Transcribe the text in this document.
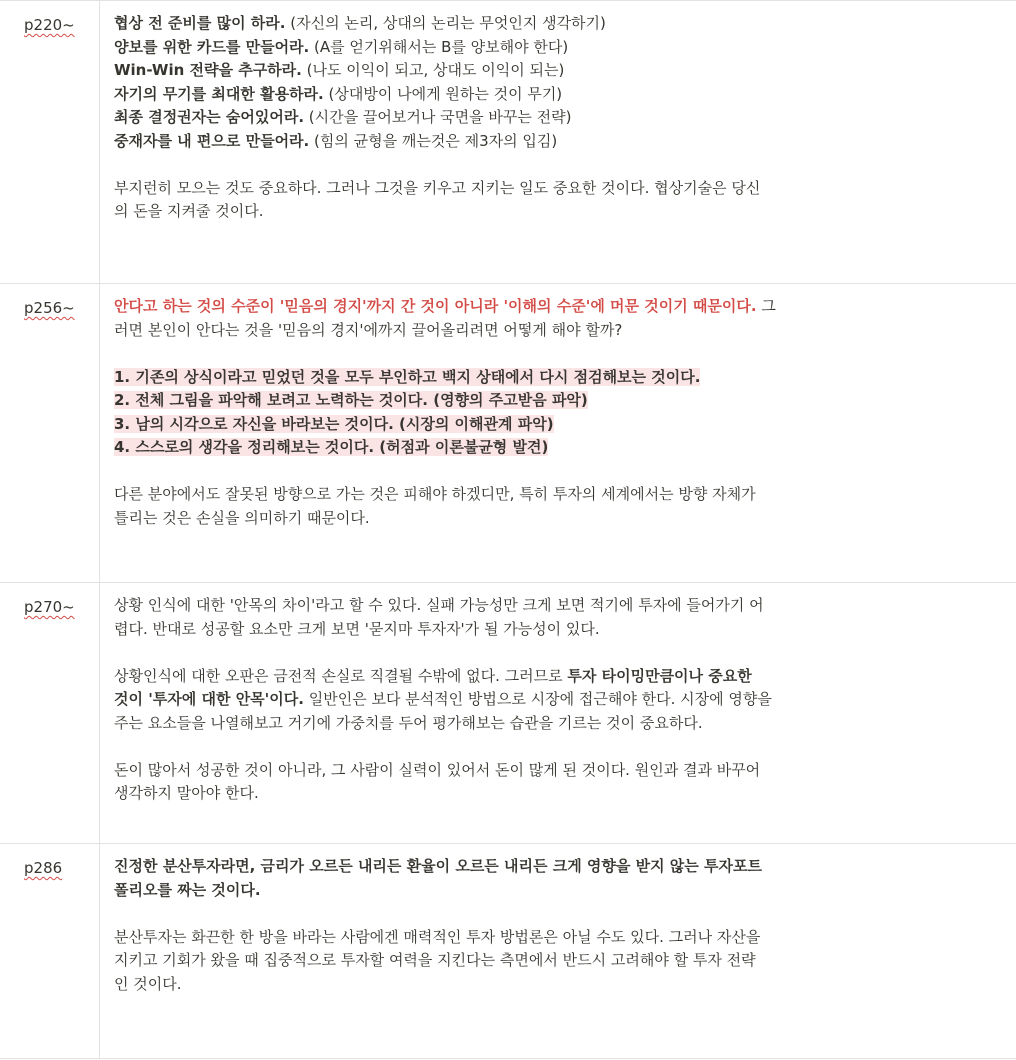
p220~	협상 전 준비를 많이 하라. (자신의 논리, 상대의 논리는 무엇인지 생각하기)
양보를 위한 카드를 만들어라. (A를 얻기위해서는 B를 양보해야 한다)
Win-Win 전략을 추구하라. (나도 이익이 되고, 상대도 이익이 되는)
자기의 무기를 최대한 활용하라. (상대방이 나에게 원하는 것이 무기)
최종 결정권자는 숨어있어라. (시간을 끌어보거나 국면을 바꾸는 전략)
중재자를 내 편으로 만들어라. (힘의 균형을 깨는것은 제3자의 입김)
부지런히 모으는 것도 중요하다. 그러나 그것을 키우고 지키는 일도 중요한 것이다. 협상기술은 당신
의 돈을 지켜줄 것이다.
p256~	안다고 하는 것의 수준이 '믿음의 경지'까지 간 것이 아니라 '이해의 수준'에 머문 것이기 때문이다. 그
러면 본인이 안다는 것을 '믿음의 경지'에까지 끌어올리려면 어떻게 해야 할까?
1. 기존의 상식이라고 믿었던 것을 모두 부인하고 백지 상태에서 다시 점검해보는 것이다.
2. 전체 그림을 파악해 보려고 노력하는 것이다. (영향의 주고받음 파악)
3. 남의 시각으로 자신을 바라보는 것이다. (시장의 이해관계 파악)
4. 스스로의 생각을 정리해보는 것이다. (허점과 이론불균형 발견)
다른 분야에서도 잘못된 방향으로 가는 것은 피해야 하겠디만, 특히 투자의 세계에서는 방향 자체가
틀리는 것은 손실을 의미하기 때문이다.
p270~	상황 인식에 대한 '안목의 차이'라고 할 수 있다. 실패 가능성만 크게 보면 적기에 투자에 들어가기 어
렵다. 반대로 성공할 요소만 크게 보면 '묻지마 투자자'가 될 가능성이 있다.
상황인식에 대한 오판은 금전적 손실로 직결될 수밖에 없다. 그러므로 투자 타이밍만큼이나 중요한
것이 '투자에 대한 안목'이다. 일반인은 보다 분석적인 방법으로 시장에 접근해야 한다. 시장에 영향을
주는 요소들을 나열해보고 거기에 가중치를 두어 평가해보는 습관을 기르는 것이 중요하다.
돈이 많아서 성공한 것이 아니라, 그 사람이 실력이 있어서 돈이 많게 된 것이다. 원인과 결과 바꾸어
생각하지 말아야 한다.
p286	진정한 분산투자라면, 금리가 오르든 내리든 환율이 오르든 내리든 크게 영향을 받지 않는 투자포트
폴리오를 짜는 것이다.
분산투자는 화끈한 한 방을 바라는 사람에겐 매력적인 투자 방법론은 아닐 수도 있다. 그러나 자산을
지키고 기회가 왔을 때 집중적으로 투자할 여력을 지킨다는 측면에서 반드시 고려해야 할 투자 전략
인 것이다.
